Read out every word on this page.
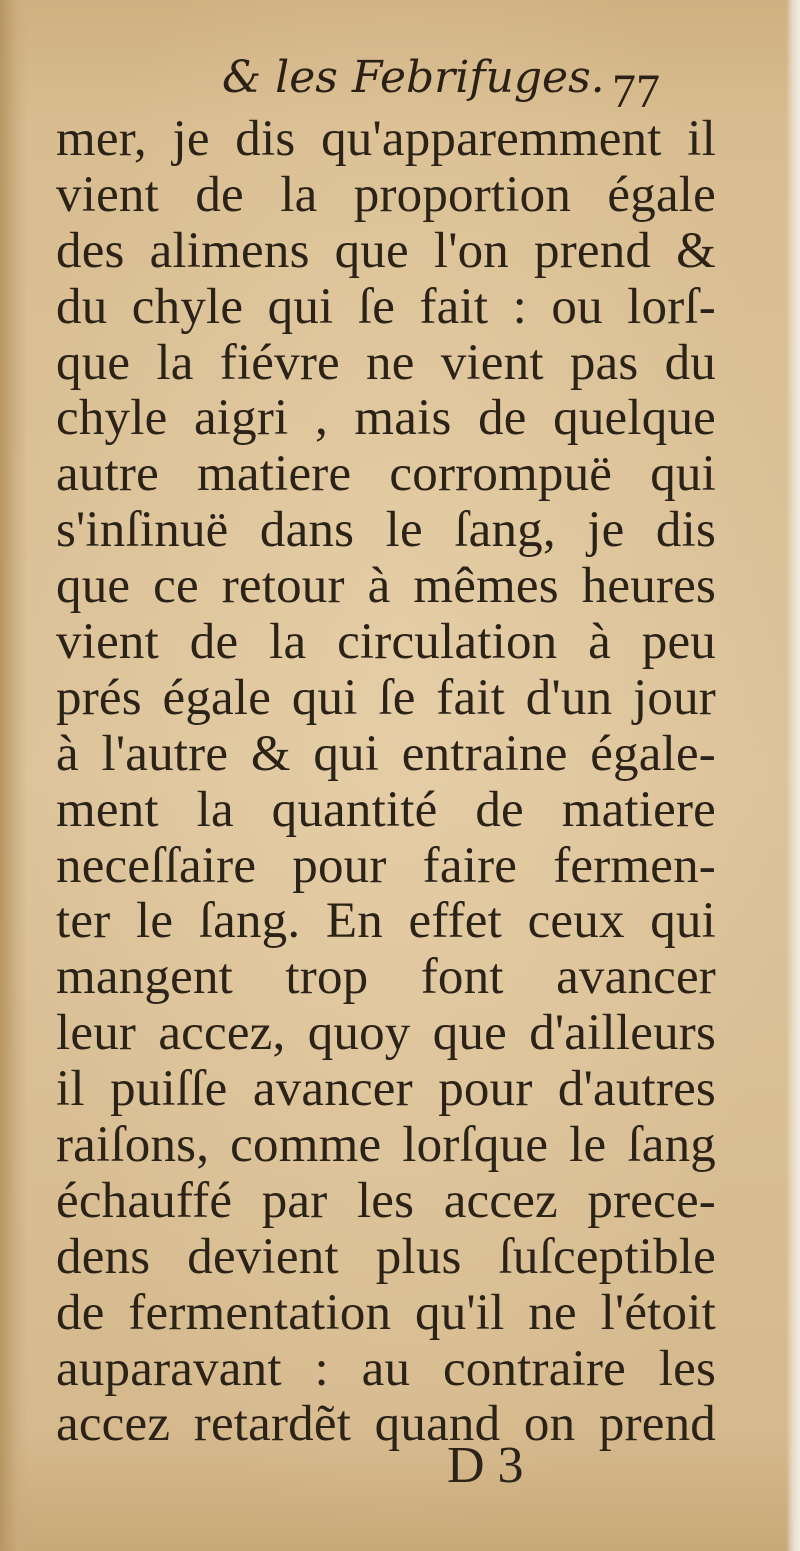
& les Febrifuges. 77
mer, je dis qu'apparemment il
vient de la proportion égale
des alimens que l'on prend &
du chyle qui ſe fait : ou lorſ-
que la fiévre ne vient pas du
chyle aigri , mais de quelque
autre matiere corrompuë qui
s'inſinuë dans le ſang, je dis
que ce retour à mêmes heures
vient de la circulation à peu
prés égale qui ſe fait d'un jour
à l'autre & qui entraine égale-
ment la quantité de matiere
neceſſaire pour faire fermen-
ter le ſang. En effet ceux qui
mangent trop font avancer
leur accez, quoy que d'ailleurs
il puiſſe avancer pour d'autres
raiſons, comme lorſque le ſang
échauffé par les accez prece-
dens devient plus ſuſceptible
de fermentation qu'il ne l'étoit
auparavant : au contraire les
accez retardẽt quand on prend
D 3
